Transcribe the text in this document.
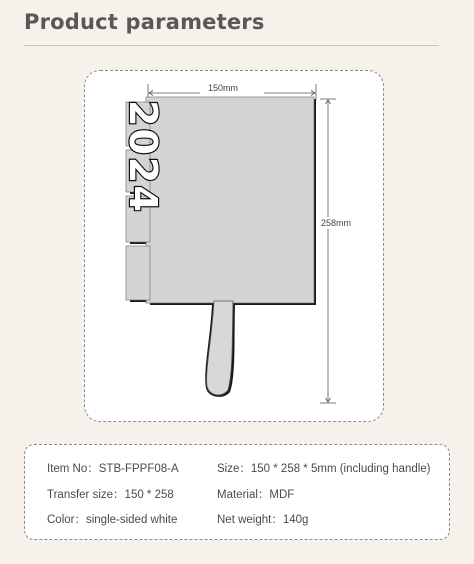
Product parameters
150mm
258mm
2024
Item No：STB-FPPF08-A	Size：150 * 258 * 5mm (including handle)
Transfer size：150 * 258	Material：MDF
Color：single-sided white	Net weight：140g
